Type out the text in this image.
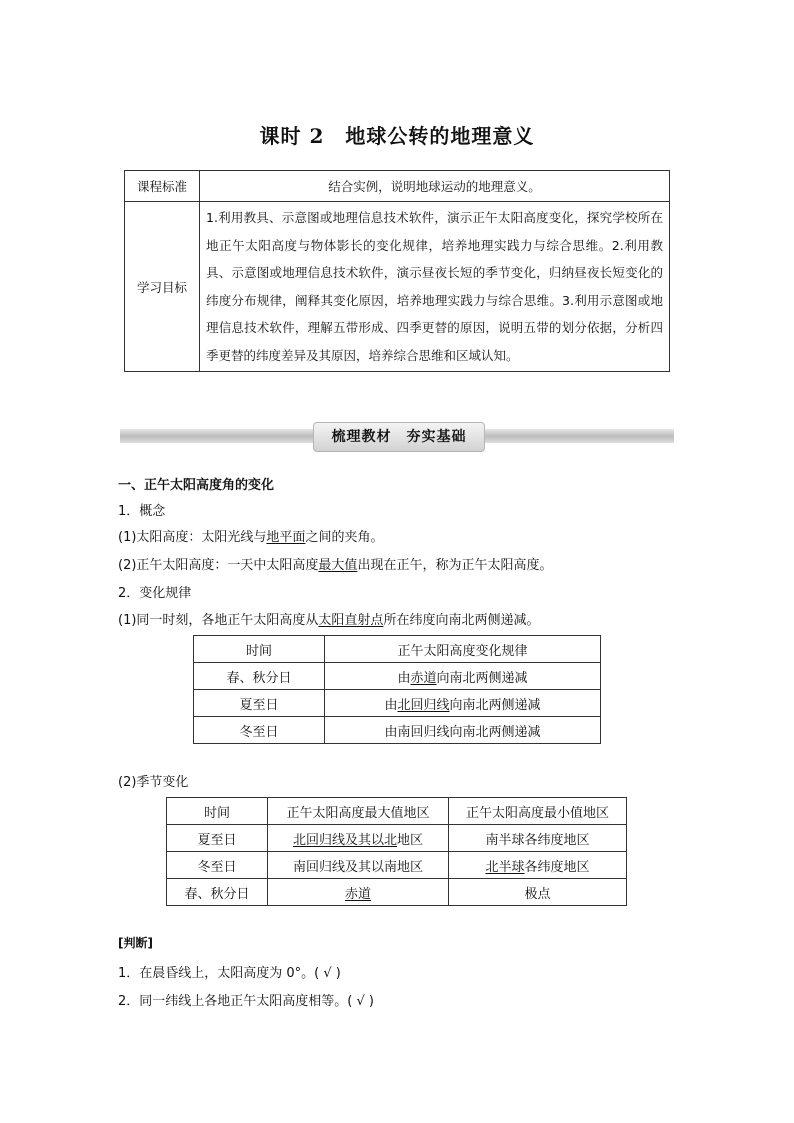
课时 2　地球公转的地理意义
课程标准	结合实例，说明地球运动的地理意义。
学习目标	1.利用教具、示意图或地理信息技术软件，演示正午太阳高度变化，探究学校所在地正午太阳高度与物体影长的变化规律，培养地理实践力与综合思维。2.利用教具、示意图或地理信息技术软件，演示昼夜长短的季节变化，归纳昼夜长短变化的纬度分布规律，阐释其变化原因，培养地理实践力与综合思维。3.利用示意图或地理信息技术软件，理解五带形成、四季更替的原因，说明五带的划分依据，分析四季更替的纬度差异及其原因，培养综合思维和区域认知。
梳理教材　夯实基础
一、正午太阳高度角的变化
1．概念
(1)太阳高度：太阳光线与地平面之间的夹角。
(2)正午太阳高度：一天中太阳高度最大值出现在正午，称为正午太阳高度。
2．变化规律
(1)同一时刻，各地正午太阳高度从太阳直射点所在纬度向南北两侧递减。
时间	正午太阳高度变化规律
春、秋分日	由赤道向南北两侧递减
夏至日	由北回归线向南北两侧递减
冬至日	由南回归线向南北两侧递减
(2)季节变化
时间	正午太阳高度最大值地区	正午太阳高度最小值地区
夏至日	北回归线及其以北地区	南半球各纬度地区
冬至日	南回归线及其以南地区	北半球各纬度地区
春、秋分日	赤道	极点
[判断]
1．在晨昏线上，太阳高度为 0°。( √ )
2．同一纬线上各地正午太阳高度相等。( √ )
